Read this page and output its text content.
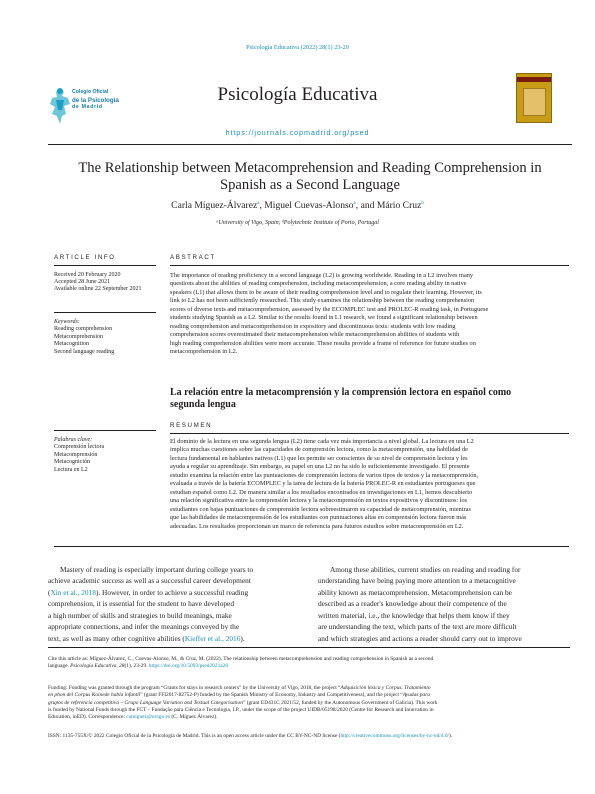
Psicología Educativa (2022) 28(1) 23-29
Colegio Oficial
de la Psicología
de Madrid
Psicología Educativa
https://journals.copmadrid.org/psed
The Relationship between Metacomprehension and Reading Comprehension in
Spanish as a Second Language
Carla Míguez-Álvarez$^a$, Miguel Cuevas-Alonso$^a$, and Mário Cruz$^b$
ᵃUniversity of Vigo, Spain; ᵇPolytechnic Institute of Porto, Portugal
ARTICLE INFO
Received 20 February 2020
Accepted 28 June 2021
Available online 22 September 2021
Keywords:
Reading comprehension
Metacomprehension
Metacognition
Second language reading
Palabras clave:
Comprensión lectora
Metacomprensión
Metacognición
Lectura en L2
ABSTRACT
The importance of reading proficiency in a second language (L2) is growing worldwide. Reading in a L2 involves many
questions about the abilities of reading comprehension, including metacomprehension, a core reading ability in native
speakers (L1) that allows them to be aware of their reading comprehension level and to regulate their learning. However, its
link to L2 has not been sufficiently researched. This study examines the relationship between the reading comprehension
scores of diverse texts and metacomprehension, assessed by the ECOMPLEC test and PROLEC-R reading task, in Portuguese
students studying Spanish as a L2. Similar to the results found in L1 research, we found a significant relationship between
reading comprehension and metacomprehension in expository and discontinuous texts: students with low reading
comprehension scores overestimated their metacomprehension while metacomprehension abilities of students with
high reading comprehension abilities were more accurate. These results provide a frame of reference for future studies on
metacomprehension in L2.
La relación entre la metacomprensión y la comprensión lectora en español como
segunda lengua
RESUMEN
El dominio de la lectura en una segunda lengua (L2) tiene cada vez más importancia a nivel global. La lectura en una L2
implica muchas cuestiones sobre las capacidades de comprensión lectora, como la metacomprensión, una habilidad de
lectura fundamental en hablantes nativos (L1) que les permite ser conscientes de su nivel de comprensión lectora y les
ayuda a regular su aprendizaje. Sin embargo, su papel en una L2 no ha sido lo suficientemente investigado. El presente
estudio examina la relación entre las puntuaciones de comprensión lectora de varios tipos de textos y la metacomprensión,
evaluada a través de la batería ECOMPLEC y la tarea de lectura de la batería PROLEC-R en estudiantes portugueses que
estudian español como L2. De manera similar a los resultados encontrados en investigaciones en L1, hemos descubierto
una relación significativa entre la comprensión lectora y la metacomprensión en textos expositivos y discontinuos: los
estudiantes con bajas puntuaciones de comprensión lectora sobreestimaron su capacidad de metacomprensión, mientras
que las habilidades de metacomprensión de los estudiantes con puntuaciones altas en comprensión lectora fueron más
adecuadas. Los resultados proporcionan un marco de referencia para futuros estudios sobre metacomprensión en L2.
Mastery of reading is especially important during college years to
achieve academic success as well as a successful career development
(Xin et al., 2018). However, in order to achieve a successful reading
comprehension, it is essential for the student to have developed
a high number of skills and strategies to build meanings, make
appropriate connections, and infer the meanings conveyed by the
text, as well as many other cognitive abilities (Kieffer et al., 2016).
Among these abilities, current studies on reading and reading for
understanding have being paying more attention to a metacognitive
ability known as metacomprehension. Metacomprehension can be
described as a reader's knowledge about their competence of the
written material, i.e., the knowledge that helps them know if they
are understanding the text, which parts of the text are more difficult
and which strategies and actions a reader should carry out to improve
Cite this article as: Míguez-Álvarez, C., Cuevas-Alonso, M., & Cruz, M. (2022). The relationship between metacomprehension and reading comprehension in Spanish as a second
language. Psicología Educativa, 28(1), 23-29. https://doi.org/10.5093/psed2021a26
Funding: Funding was granted through the program “Grants for stays in research centers” by the University of Vigo, 2018, the project “Adquisición léxica y Corpus. Tratamiento
en phon del Corpus Koinede habla infantil” (grant FFI2017-82752-P) funded by the Spanish Ministry of Economy, Industry and Competitiveness), and the project “Ayudas para
grupos de referencia competitiva – Grupo Language Variation and Textual Categorisation” (grant ED431C 2021/52, funded by the Autonomous Government of Galicia). This work
is funded by National Funds through the FCT – Fundação para Ciência e Tecnologia, I.P., under the scope of the project UIDB/05198/2020 (Centre for Research and Innovation in
Education, inED). Correspondence: camiguez@uvigo.es (C. Míguez Álvarez).
ISSN: 1135-755X/© 2022 Colegio Oficial de la Psicología de Madrid. This is an open access article under the CC BY-NC-ND license (http://creativecommons.org/licenses/by-nc-nd/4.0/).
